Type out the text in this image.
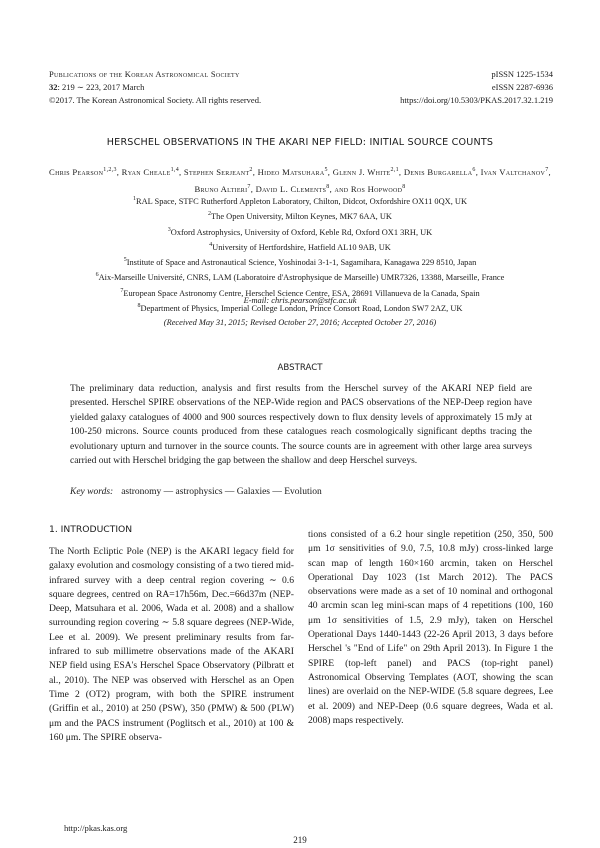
Publications of the Korean Astronomical Society
32: 219 ∼ 223, 2017 March
©2017. The Korean Astronomical Society. All rights reserved.
pISSN 1225-1534
eISSN 2287-6936
https://doi.org/10.5303/PKAS.2017.32.1.219
HERSCHEL OBSERVATIONS IN THE AKARI NEP FIELD: INITIAL SOURCE COUNTS
Chris Pearson$^{1,2,3}$, Ryan Cheale$^{1,4}$, Stephen Serjeant$^2$, Hideo Matsuhara$^5$, Glenn J. White$^{2,1}$, Denis Burgarella$^6$, Ivan Valtchanov$^7$, Bruno Altieri$^7$, David L. Clements$^8$, and Ros Hopwood$^8$
$^1$RAL Space, STFC Rutherford Appleton Laboratory, Chilton, Didcot, Oxfordshire OX11 0QX, UK
$^2$The Open University, Milton Keynes, MK7 6AA, UK
$^3$Oxford Astrophysics, University of Oxford, Keble Rd, Oxford OX1 3RH, UK
$^4$University of Hertfordshire, Hatfield AL10 9AB, UK
$^5$Institute of Space and Astronautical Science, Yoshinodai 3-1-1, Sagamihara, Kanagawa 229 8510, Japan
$^6$Aix-Marseille Université, CNRS, LAM (Laboratoire d'Astrophysique de Marseille) UMR7326, 13388, Marseille, France
$^7$European Space Astronomy Centre, Herschel Science Centre, ESA, 28691 Villanueva de la Canada, Spain
$^8$Department of Physics, Imperial College London, Prince Consort Road, London SW7 2AZ, UK
E-mail: chris.pearson@stfc.ac.uk
(Received May 31, 2015; Revised October 27, 2016; Accepted October 27, 2016)
ABSTRACT
The preliminary data reduction, analysis and first results from the Herschel survey of the AKARI NEP field are presented. Herschel SPIRE observations of the NEP-Wide region and PACS observations of the NEP-Deep region have yielded galaxy catalogues of 4000 and 900 sources respectively down to flux density levels of approximately 15 mJy at 100-250 microns. Source counts produced from these catalogues reach cosmologically significant depths tracing the evolutionary upturn and turnover in the source counts. The source counts are in agreement with other large area surveys carried out with Herschel bridging the gap between the shallow and deep Herschel surveys.
Key words: astronomy — astrophysics — Galaxies — Evolution
1. INTRODUCTION
The North Ecliptic Pole (NEP) is the AKARI legacy field for galaxy evolution and cosmology consisting of a two tiered mid-infrared survey with a deep central region covering ∼ 0.6 square degrees, centred on RA=17h56m, Dec.=66d37m (NEP-Deep, Matsuhara et al. 2006, Wada et al. 2008) and a shallow surrounding region covering ∼ 5.8 square degrees (NEP-Wide, Lee et al. 2009). We present preliminary results from far-infrared to sub millimetre observations made of the AKARI NEP field using ESA's Herschel Space Observatory (Pilbratt et al., 2010). The NEP was observed with Herschel as an Open Time 2 (OT2) program, with both the SPIRE instrument (Griffin et al., 2010) at 250 (PSW), 350 (PMW) & 500 (PLW) μm and the PACS instrument (Poglitsch et al., 2010) at 100 & 160 μm. The SPIRE observa-
tions consisted of a 6.2 hour single repetition (250, 350, 500 μm 1σ sensitivities of 9.0, 7.5, 10.8 mJy) cross-linked large scan map of length 160×160 arcmin, taken on Herschel Operational Day 1023 (1st March 2012). The PACS observations were made as a set of 10 nominal and orthogonal 40 arcmin scan leg mini-scan maps of 4 repetitions (100, 160 μm 1σ sensitivities of 1.5, 2.9 mJy), taken on Herschel Operational Days 1440-1443 (22-26 April 2013, 3 days before Herschel 's "End of Life" on 29th April 2013). In Figure 1 the SPIRE (top-left panel) and PACS (top-right panel) Astronomical Observing Templates (AOT, showing the scan lines) are overlaid on the NEP-WIDE (5.8 square degrees, Lee et al. 2009) and NEP-Deep (0.6 square degrees, Wada et al. 2008) maps respectively.
http://pkas.kas.org
219
